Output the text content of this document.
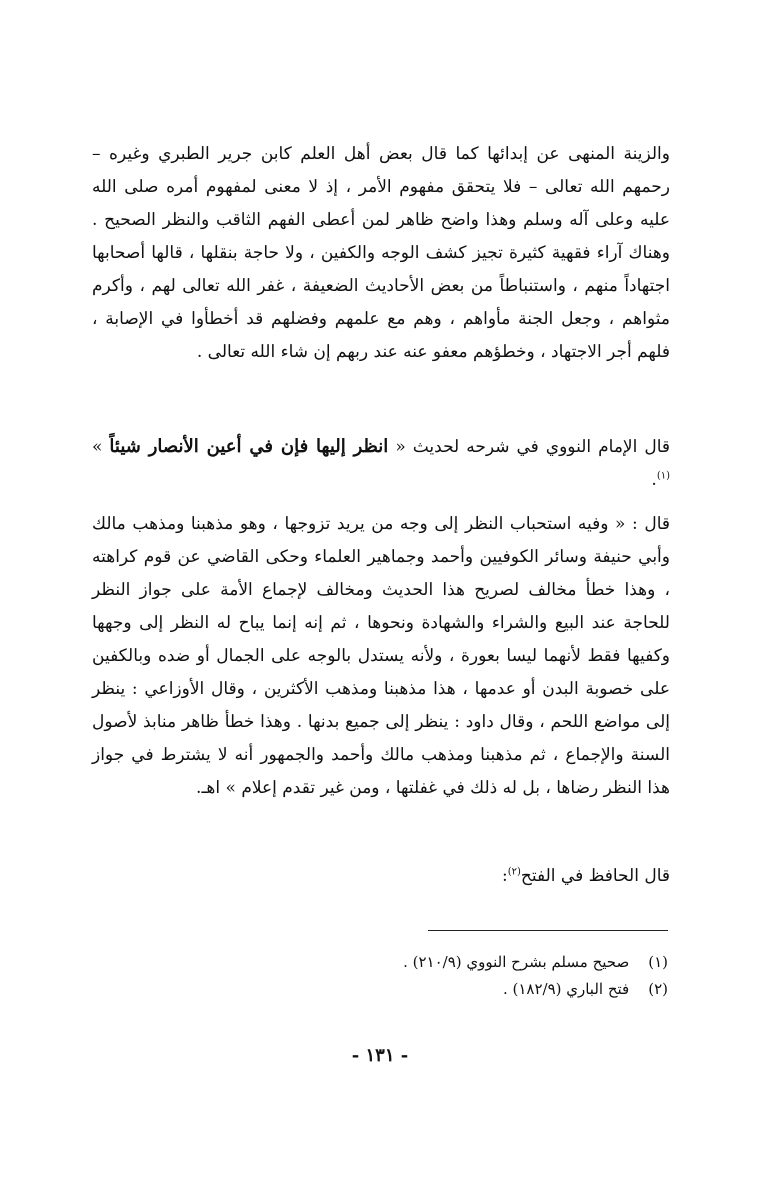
والزينة المنهى عن إبدائها كما قال بعض أهل العلم كابن جرير الطبري وغيره – رحمهم الله تعالى – فلا يتحقق مفهوم الأمر ، إذ لا معنى لمفهوم أمره صلى الله عليه وعلى آله وسلم وهذا واضح ظاهر لمن أعطى الفهم الثاقب والنظر الصحيح . وهناك آراء فقهية كثيرة تجيز كشف الوجه والكفين ، ولا حاجة بنقلها ، قالها أصحابها اجتهاداً منهم ، واستنباطاً من بعض الأحاديث الضعيفة ، غفر الله تعالى لهم ، وأكرم مثواهم ، وجعل الجنة مأواهم ، وهم مع علمهم وفضلهم قد أخطأوا في الإصابة ، فلهم أجر الاجتهاد ، وخطؤهم معفو عنه عند ربهم إن شاء الله تعالى .

قال الإمام النووي في شرحه لحديث « انظر إليها فإن في أعين الأنصار شيئاً » $^{(١)}$.

قال : « وفيه استحباب النظر إلى وجه من يريد تزوجها ، وهو مذهبنا ومذهب مالك وأبي حنيفة وسائر الكوفيين وأحمد وجماهير العلماء وحكى القاضي عن قوم كراهته ، وهذا خطأ مخالف لصريح هذا الحديث ومخالف لإجماع الأمة على جواز النظر للحاجة عند البيع والشراء والشهادة ونحوها ، ثم إنه إنما يباح له النظر إلى وجهها وكفيها فقط لأنهما ليسا بعورة ، ولأنه يستدل بالوجه على الجمال أو ضده وبالكفين على خصوبة البدن أو عدمها ، هذا مذهبنا ومذهب الأكثرين ، وقال الأوزاعي : ينظر إلى مواضع اللحم ، وقال داود : ينظر إلى جميع بدنها . وهذا خطأ ظاهر منابذ لأصول السنة والإجماع ، ثم مذهبنا ومذهب مالك وأحمد والجمهور أنه لا يشترط في جواز هذا النظر رضاها ، بل له ذلك في غفلتها ، ومن غير تقدم إعلام » اهـ.

قال الحافظ في الفتح$^{(٢)}$:

(١) صحيح مسلم بشرح النووي (٢١٠/٩) .

(٢) فتح الباري (١٨٢/٩) .

- ١٣١ -
